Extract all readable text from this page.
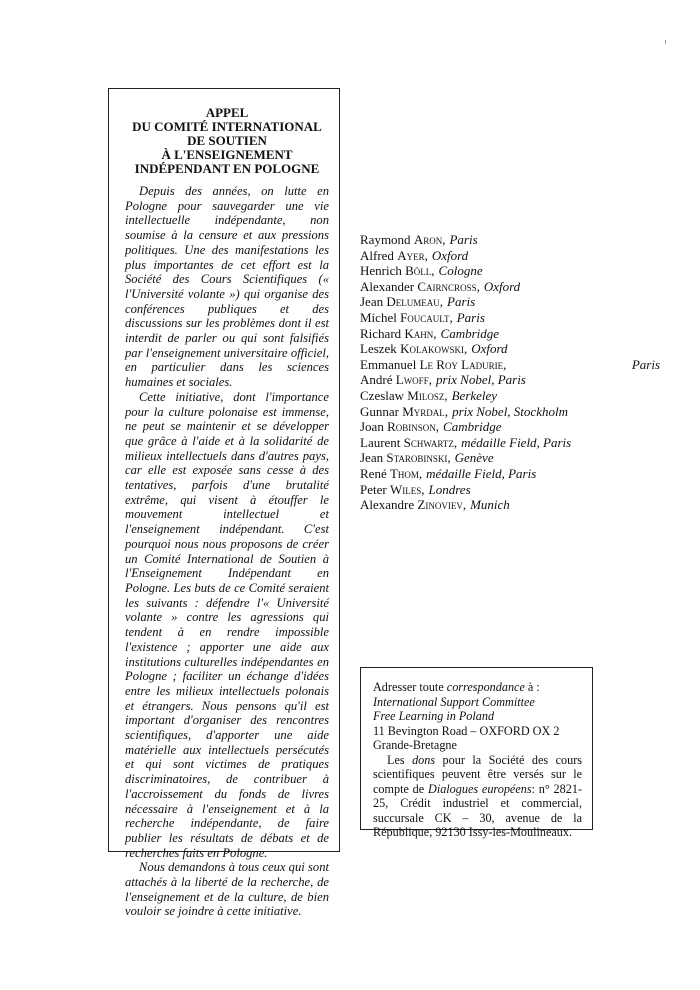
APPEL
DU COMITÉ INTERNATIONAL
DE SOUTIEN
À L'ENSEIGNEMENT
INDÉPENDANT EN POLOGNE

Depuis des années, on lutte en Pologne pour sauvegarder une vie intellectuelle indépendante, non soumise à la censure et aux pressions politiques. Une des manifestations les plus importantes de cet effort est la Société des Cours Scientifiques (« l'Université volante ») qui organise des conférences publiques et des discussions sur les problèmes dont il est interdit de parler ou qui sont falsifiés par l'enseignement universitaire officiel, en particulier dans les sciences humaines et sociales.

Cette initiative, dont l'importance pour la culture polonaise est immense, ne peut se maintenir et se développer que grâce à l'aide et à la solidarité de milieux intellectuels dans d'autres pays, car elle est exposée sans cesse à des tentatives, parfois d'une brutalité extrême, qui visent à étouffer le mouvement intellectuel et l'enseignement indépendant. C'est pourquoi nous nous proposons de créer un Comité International de Soutien à l'Enseignement Indépendant en Pologne. Les buts de ce Comité seraient les suivants : défendre l'« Université volante » contre les agressions qui tendent à en rendre impossible l'existence ; apporter une aide aux institutions culturelles indépendantes en Pologne ; faciliter un échange d'idées entre les milieux intellectuels polonais et étrangers. Nous pensons qu'il est important d'organiser des rencontres scientifiques, d'apporter une aide matérielle aux intellectuels persécutés et qui sont victimes de pratiques discriminatoires, de contribuer à l'accroissement du fonds de livres nécessaire à l'enseignement et à la recherche indépendante, de faire publier les résultats de débats et de recherches faits en Pologne.

Nous demandons à tous ceux qui sont attachés à la liberté de la recherche, de l'enseignement et de la culture, de bien vouloir se joindre à cette initiative.

Raymond Aron, Paris
Alfred Ayer, Oxford
Henrich Böll, Cologne
Alexander Cairncross, Oxford
Jean Delumeau, Paris
Michel Foucault, Paris
Richard Kahn, Cambridge
Leszek Kolakowski, Oxford
Emmanuel Le Roy Ladurie,	Paris
André Lwoff, prix Nobel, Paris
Czeslaw Milosz, Berkeley
Gunnar Myrdal, prix Nobel, Stockholm
Joan Robinson, Cambridge
Laurent Schwartz, médaille Field, Paris
Jean Starobinski, Genève
René Thom, médaille Field, Paris
Peter Wiles, Londres
Alexandre Zinoviev, Munich
Adresser toute correspondance à :
International Support Committee
Free Learning in Poland
11 Bevington Road – OXFORD OX 2
Grande-Bretagne

Les dons pour la Société des cours scientifiques peuvent être versés sur le compte de Dialogues européens: n° 2821-25, Crédit industriel et commercial, succursale CK – 30, avenue de la République, 92130 Issy-les-Moulineaux.
